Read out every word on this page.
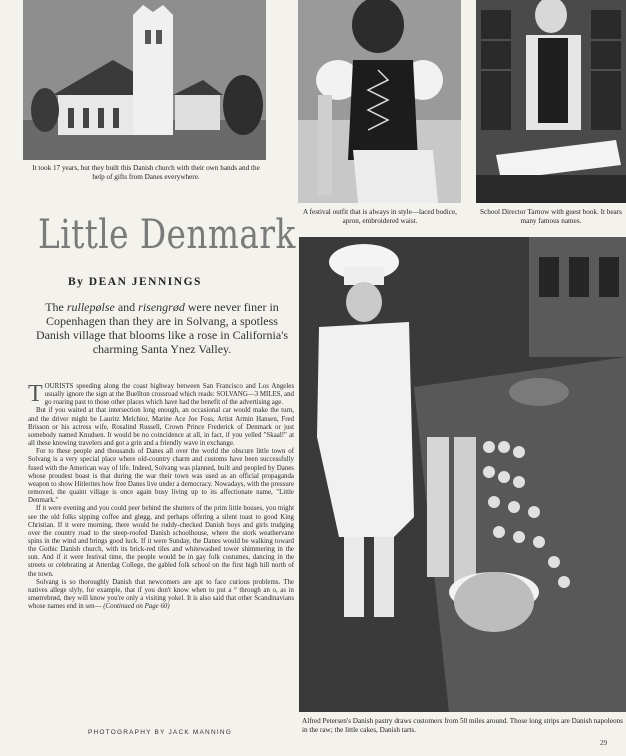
It took 17 years, but they built this Danish church with their own hands and the help of gifts from Danes everywhere.
A festival outfit that is always in style—laced bodice, apron, embroidered waist.
School Director Tarnow with guest book. It bears many famous names.
Little Denmark
By DEAN JENNINGS
The rullepølse and risengrød were never finer in Copenhagen than they are in Solvang, a spotless Danish village that blooms like a rose in California's charming Santa Ynez Valley.

TOURISTS speeding along the coast highway between San Francisco and Los Angeles usually ignore the sign at the Buellton crossroad which reads: SOLVANG—3 MILES, and go roaring past to those other places which have had the benefit of the advertising age.

But if you waited at that intersection long enough, an occasional car would make the turn, and the driver might be Lauritz Melchior, Marine Ace Joe Foss, Artist Armin Hansen, Fred Brisson or his actress wife, Rosalind Russell, Crown Prince Frederick of Denmark or just somebody named Knudsen. It would be no coincidence at all, in fact, if you yelled "Skaal!" at all these knowing travelers and got a grin and a friendly wave in exchange.

For to these people and thousands of Danes all over the world the obscure little town of Solvang is a very special place where old-country charm and customs have been successfully fused with the American way of life. Indeed, Solvang was planned, built and peopled by Danes whose proudest boast is that during the war their town was used as an official propaganda weapon to show Hitlerites how free Danes live under a democracy. Nowadays, with the pressure removed, the quaint village is once again busy living up to its affectionate name, "Little Denmark."

If it were evening and you could peer behind the shutters of the prim little houses, you might see the old folks sipping coffee and gløgg, and perhaps offering a silent toast to good King Christian. If it were morning, there would be ruddy-checked Danish boys and girls trudging over the country road to the steep-roofed Danish schoolhouse, where the stork weathervane spins in the wind and brings good luck. If it were Sunday, the Danes would be walking toward the Gothic Danish church, with its brick-red tiles and whitewashed tower shimmering in the sun. And if it were festival time, the people would be in gay folk costumes, dancing in the streets or celebrating at Atterdag College, the gabled folk school on the first high hill north of the town.

Solvang is so thoroughly Danish that newcomers are apt to face curious problems. The natives allege slyly, for example, that if you don't know when to put a ° through an o, as in smørrebrød, they will know you're only a visiting yokel. It is also said that other Scandinavians whose names end in sen— (Continued on Page 60)

PHOTOGRAPHY BY JACK MANNING
Alfred Petersen's Danish pastry draws customers from 50 miles around. Those long strips are Danish napoleons in the raw; the little cakes, Danish tarts.
29
